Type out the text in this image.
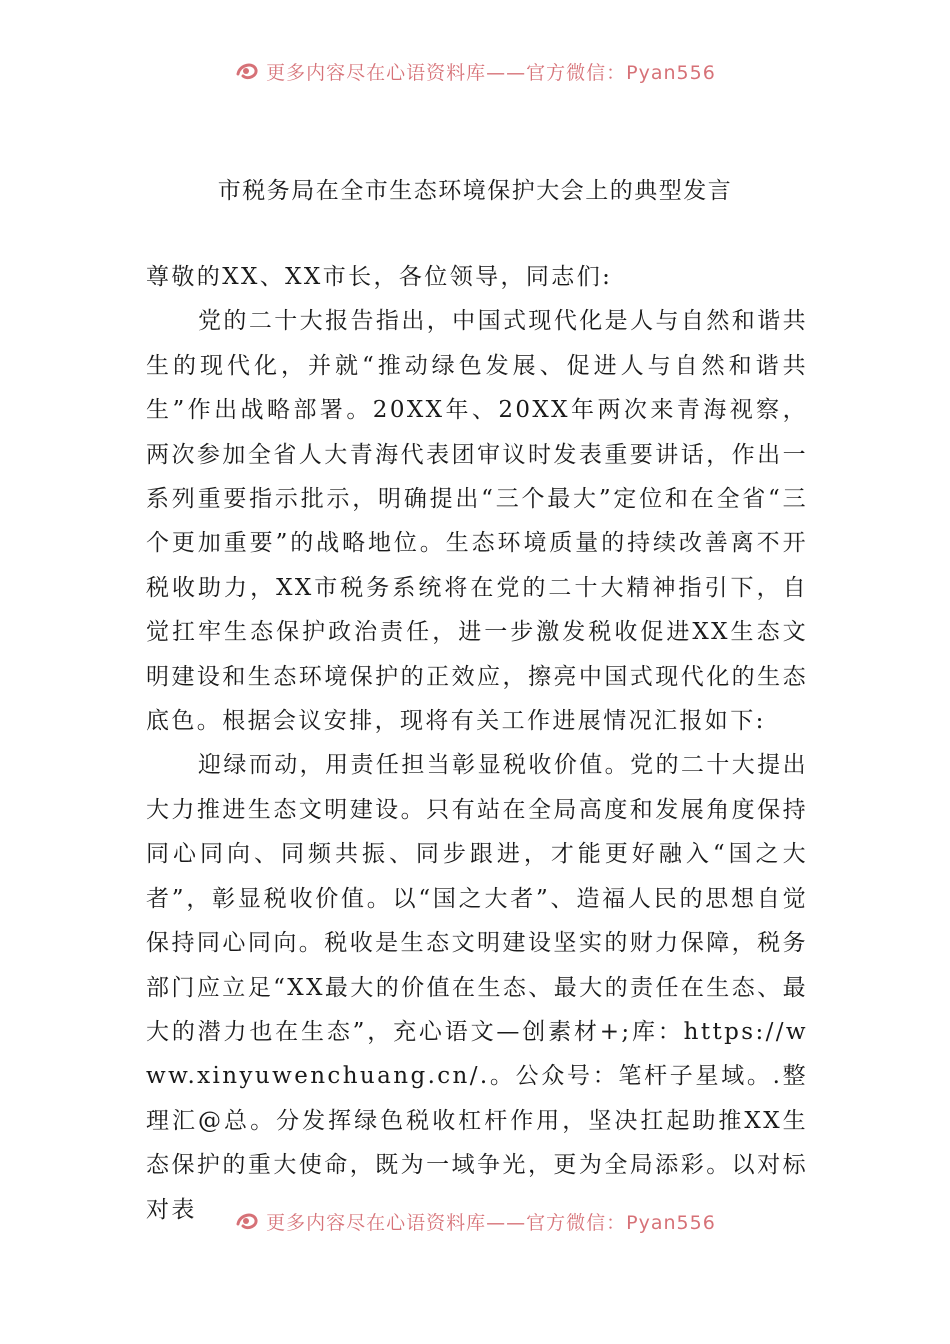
更多内容尽在心语资料库——官方微信：Pyan556
市税务局在全市生态环境保护大会上的典型发言

尊敬的XX、XX市长，各位领导，同志们:

党的二十大报告指出，中国式现代化是人与自然和谐共生的现代化，并就“推动绿色发展、促进人与自然和谐共生”作出战略部署。20XX年、20XX年两次来青海视察，两次参加全省人大青海代表团审议时发表重要讲话，作出一系列重要指示批示，明确提出“三个最大”定位和在全省“三个更加重要”的战略地位。生态环境质量的持续改善离不开税收助力，XX市税务系统将在党的二十大精神指引下，自觉扛牢生态保护政治责任，进一步激发税收促进XX生态文明建设和生态环境保护的正效应，擦亮中国式现代化的生态底色。根据会议安排，现将有关工作进展情况汇报如下:

迎绿而动，用责任担当彰显税收价值。党的二十大提出大力推进生态文明建设。只有站在全局高度和发展角度保持同心同向、同频共振、同步跟进，才能更好融入“国之大者”，彰显税收价值。以“国之大者”、造福人民的思想自觉保持同心同向。税收是生态文明建设坚实的财力保障，税务部门应立足“XX最大的价值在生态、最大的责任在生态、最大的潜力也在生态”，充心语文—创素材+;库：https://www.xinyuwenchuang.cn/.。公众号：笔杆子星域。.整理汇@总。分发挥绿色税收杠杆作用，坚决扛起助推XX生态保护的重大使命，既为一域争光，更为全局添彩。以对标对表	更多内容尽在心语资料库——官方微信：Pyan556
